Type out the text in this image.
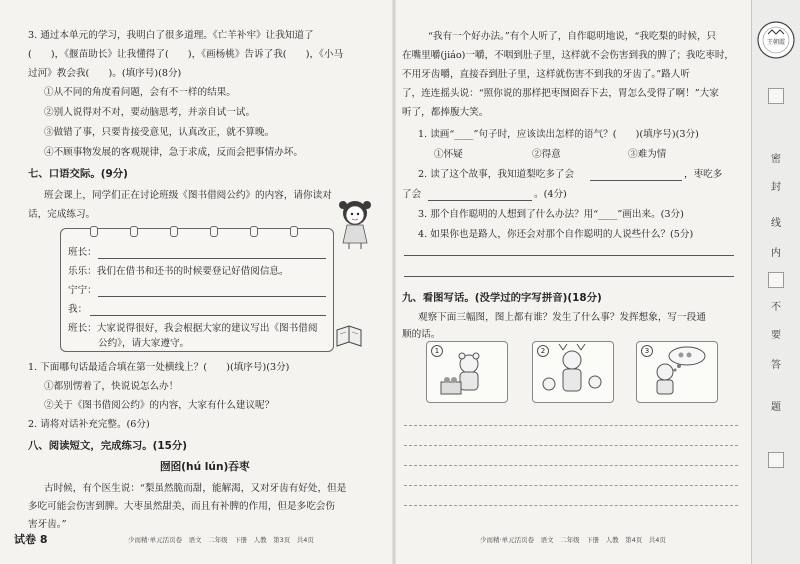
3. 通过本单元的学习，我明白了很多道理。《亡羊补牢》让我知道了
(　　)，《揠苗助长》让我懂得了(　　)，《画杨桃》告诉了我(　　)，《小马
过河》教会我(　　)。(填序号)(8分)
①从不同的角度看问题，会有不一样的结果。
②别人说得对不对，要动脑思考，并亲自试一试。
③做错了事，只要肯接受意见，认真改正，就不算晚。
④不顾事物发展的客观规律，急于求成，反而会把事情办坏。
七、口语交际。(9分)
班会课上，同学们正在讨论班级《图书借阅公约》的内容，请你读对
话，完成练习。
班长：
乐乐：我们在借书和还书的时候要登记好借阅信息。
宁宁：
我：
班长：大家说得很好，我会根据大家的建议写出《图书借阅
公约》，请大家遵守。
1. 下面哪句话最适合填在第一处横线上？(　　)(填序号)(3分)
①都别愣着了，快说说怎么办！
②关于《图书借阅公约》的内容，大家有什么建议呢？
2. 请将对话补充完整。(6分)
八、阅读短文，完成练习。(15分)
囫囵(hú lún)吞枣
古时候，有个医生说：“梨虽然脆而甜，能解渴，又对牙齿有好处，但是
多吃可能会伤害到脾。大枣虽然甜美，而且有补脾的作用，但是多吃会伤
害牙齿。”
试卷 8	少而精·单元活页卷　语文　二年级　下册　人教　第3页　共4页
“我有一个好办法。”有个人听了，自作聪明地说，“我吃梨的时候，只
在嘴里嚼(jiáo)一嚼，不咽到肚子里，这样就不会伤害到我的脾了；我吃枣时，
不用牙齿嚼，直接吞到肚子里，这样就伤害不到我的牙齿了。”路人听
了，连连摇头说：“照你说的那样把枣囫囵吞下去，胃怎么受得了啊！”大家
听了，都捧腹大笑。
1. 读画“____”句子时，应该读出怎样的语气？(　　)(填序号)(3分)
①怀疑	②得意	③难为情
2. 读了这个故事，我知道梨吃多了会	，枣吃多
了会	。(4分)
3. 那个自作聪明的人想到了什么办法？用“____”画出来。(3分)
4. 如果你也是路人，你还会对那个自作聪明的人说些什么？(5分)
九、看图写话。(没学过的字写拼音)(18分)
观察下面三幅图，图上都有谁？发生了什么事？发挥想象，写一段通
顺的话。
1	2	3
少而精·单元活页卷　语文　二年级　下册　人教　第4页　共4页
王朝霞
密
封
线
内
不
要
答
题
